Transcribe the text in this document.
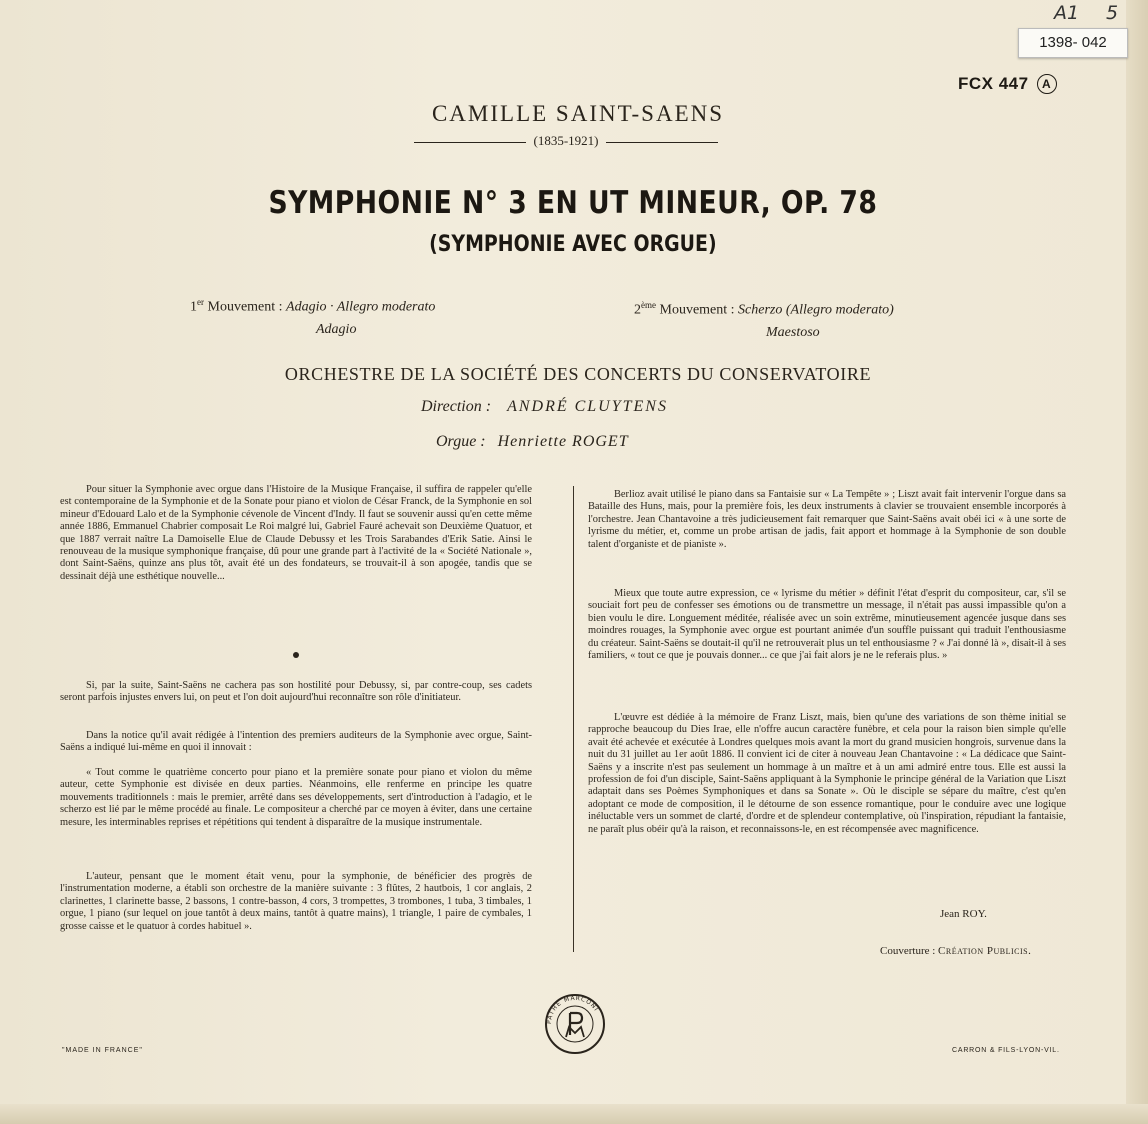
A1 5
1398- 042
FCX 447 A
CAMILLE SAINT-SAENS
(1835-1921)
SYMPHONIE N° 3 EN UT MINEUR, OP. 78
(SYMPHONIE AVEC ORGUE)
1er Mouvement : Adagio · Allegro moderato
Adagio
2ème Mouvement : Scherzo (Allegro moderato)
Maestoso
ORCHESTRE DE LA SOCIÉTÉ DES CONCERTS DU CONSERVATOIRE
Direction : ANDRÉ CLUYTENS
Orgue : Henriette ROGET

Pour situer la Symphonie avec orgue dans l'Histoire de la Musique Française, il suffira de rappeler qu'elle est contemporaine de la Symphonie et de la Sonate pour piano et violon de César Franck, de la Symphonie en sol mineur d'Edouard Lalo et de la Symphonie cévenole de Vincent d'Indy. Il faut se souvenir aussi qu'en cette même année 1886, Emmanuel Chabrier composait Le Roi malgré lui, Gabriel Fauré achevait son Deuxième Quatuor, et que 1887 verrait naître La Damoiselle Elue de Claude Debussy et les Trois Sarabandes d'Erik Satie. Ainsi le renouveau de la musique symphonique française, dû pour une grande part à l'activité de la « Société Nationale », dont Saint-Saëns, quinze ans plus tôt, avait été un des fondateurs, se trouvait-il à son apogée, tandis que se dessinait déjà une esthétique nouvelle...

Si, par la suite, Saint-Saëns ne cachera pas son hostilité pour Debussy, si, par contre-coup, ses cadets seront parfois injustes envers lui, on peut et l'on doit aujourd'hui reconnaître son rôle d'initiateur.

Dans la notice qu'il avait rédigée à l'intention des premiers auditeurs de la Symphonie avec orgue, Saint-Saëns a indiqué lui-même en quoi il innovait :

« Tout comme le quatrième concerto pour piano et la première sonate pour piano et violon du même auteur, cette Symphonie est divisée en deux parties. Néanmoins, elle renferme en principe les quatre mouvements traditionnels : mais le premier, arrêté dans ses développements, sert d'introduction à l'adagio, et le scherzo est lié par le même procédé au finale. Le compositeur a cherché par ce moyen à éviter, dans une certaine mesure, les interminables reprises et répétitions qui tendent à disparaître de la musique instrumentale.

L'auteur, pensant que le moment était venu, pour la symphonie, de bénéficier des progrès de l'instrumentation moderne, a établi son orchestre de la manière suivante : 3 flûtes, 2 hautbois, 1 cor anglais, 2 clarinettes, 1 clarinette basse, 2 bassons, 1 contre-basson, 4 cors, 3 trompettes, 3 trombones, 1 tuba, 3 timbales, 1 orgue, 1 piano (sur lequel on joue tantôt à deux mains, tantôt à quatre mains), 1 triangle, 1 paire de cymbales, 1 grosse caisse et le quatuor à cordes habituel ».

Berlioz avait utilisé le piano dans sa Fantaisie sur « La Tempête » ; Liszt avait fait intervenir l'orgue dans sa Bataille des Huns, mais, pour la première fois, les deux instruments à clavier se trouvaient ensemble incorporés à l'orchestre. Jean Chantavoine a très judicieusement fait remarquer que Saint-Saëns avait obéi ici « à une sorte de lyrisme du métier, et, comme un probe artisan de jadis, fait apport et hommage à la Symphonie de son double talent d'organiste et de pianiste ».

Mieux que toute autre expression, ce « lyrisme du métier » définit l'état d'esprit du compositeur, car, s'il se souciait fort peu de confesser ses émotions ou de transmettre un message, il n'était pas aussi impassible qu'on a bien voulu le dire. Longuement méditée, réalisée avec un soin extrême, minutieusement agencée jusque dans ses moindres rouages, la Symphonie avec orgue est pourtant animée d'un souffle puissant qui traduit l'enthousiasme du créateur. Saint-Saëns se doutait-il qu'il ne retrouverait plus un tel enthousiasme ? « J'ai donné là », disait-il à ses familiers, « tout ce que je pouvais donner... ce que j'ai fait alors je ne le referais plus. »

L'œuvre est dédiée à la mémoire de Franz Liszt, mais, bien qu'une des variations de son thème initial se rapproche beaucoup du Dies Irae, elle n'offre aucun caractère funèbre, et cela pour la raison bien simple qu'elle avait été achevée et exécutée à Londres quelques mois avant la mort du grand musicien hongrois, survenue dans la nuit du 31 juillet au 1er août 1886. Il convient ici de citer à nouveau Jean Chantavoine : « La dédicace que Saint-Saëns y a inscrite n'est pas seulement un hommage à un maître et à un ami admiré entre tous. Elle est aussi la profession de foi d'un disciple, Saint-Saëns appliquant à la Symphonie le principe général de la Variation que Liszt adaptait dans ses Poèmes Symphoniques et dans sa Sonate ». Où le disciple se sépare du maître, c'est qu'en adoptant ce mode de composition, il le détourne de son essence romantique, pour le conduire avec une logique inéluctable vers un sommet de clarté, d'ordre et de splendeur contemplative, où l'inspiration, répudiant la fantaisie, ne paraît plus obéir qu'à la raison, et reconnaissons-le, en est récompensée avec magnificence.

Jean ROY.
Couverture : Création Publicis.
PATHÉ MARCONI
"MADE IN FRANCE"	CARRON & FILS-LYON-VIL.
